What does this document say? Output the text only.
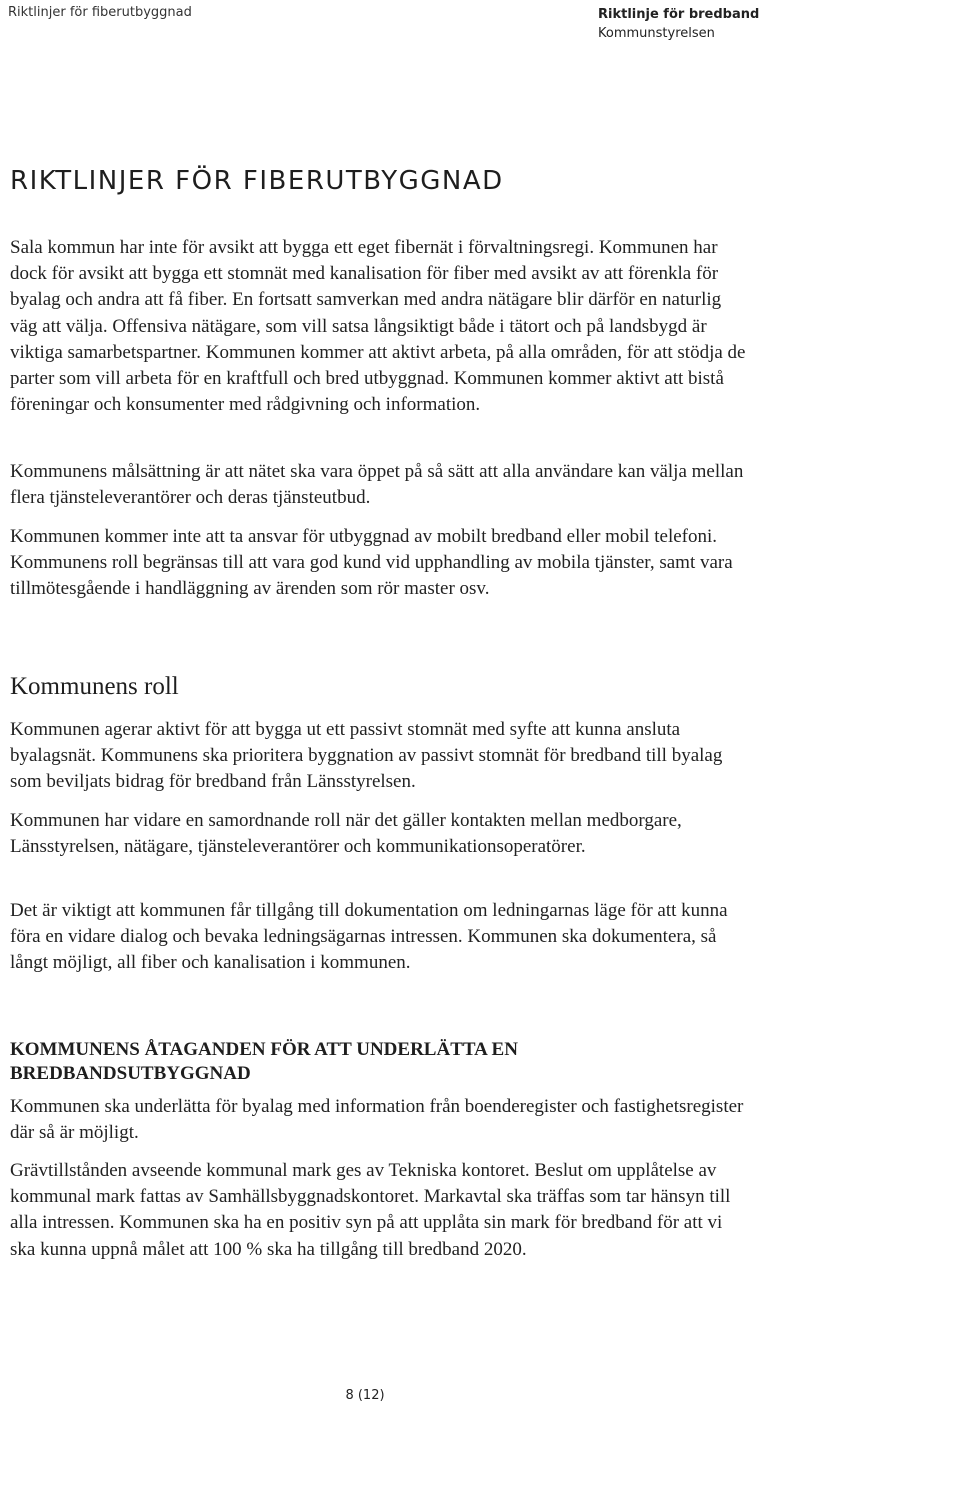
Riktlinjer för fiberutbyggnad	Riktlinje för bredband
Kommunstyrelsen
RIKTLINJER FÖR FIBERUTBYGGNAD

Sala kommun har inte för avsikt att bygga ett eget fibernät i förvaltningsregi. Kommunen har dock för avsikt att bygga ett stomnät med kanalisation för fiber med avsikt av att förenkla för byalag och andra att få fiber. En fortsatt samverkan med andra nätägare blir därför en naturlig väg att välja. Offensiva nätägare, som vill satsa långsiktigt både i tätort och på landsbygd är viktiga samarbetspartner. Kommunen kommer att aktivt arbeta, på alla områden, för att stödja de parter som vill arbeta för en kraftfull och bred utbyggnad. Kommunen kommer aktivt att bistå föreningar och konsumenter med rådgivning och information.

Kommunens målsättning är att nätet ska vara öppet på så sätt att alla användare kan välja mellan flera tjänsteleverantörer och deras tjänsteutbud.

Kommunen kommer inte att ta ansvar för utbyggnad av mobilt bredband eller mobil telefoni. Kommunens roll begränsas till att vara god kund vid upphandling av mobila tjänster, samt vara tillmötesgående i handläggning av ärenden som rör master osv.

Kommunens roll

Kommunen agerar aktivt för att bygga ut ett passivt stomnät med syfte att kunna ansluta byalagsnät. Kommunens ska prioritera byggnation av passivt stomnät för bredband till byalag som beviljats bidrag för bredband från Länsstyrelsen.

Kommunen har vidare en samordnande roll när det gäller kontakten mellan medborgare, Länsstyrelsen, nätägare, tjänsteleverantörer och kommunikationsoperatörer.

Det är viktigt att kommunen får tillgång till dokumentation om ledningarnas läge för att kunna föra en vidare dialog och bevaka ledningsägarnas intressen. Kommunen ska dokumentera, så långt möjligt, all fiber och kanalisation i kommunen.

KOMMUNENS ÅTAGANDEN FÖR ATT UNDERLÄTTA EN BREDBANDSUTBYGGNAD

Kommunen ska underlätta för byalag med information från boenderegister och fastighetsregister där så är möjligt.

Grävtillstånden avseende kommunal mark ges av Tekniska kontoret. Beslut om upplåtelse av kommunal mark fattas av Samhällsbyggnadskontoret. Markavtal ska träffas som tar hänsyn till alla intressen. Kommunen ska ha en positiv syn på att upplåta sin mark för bredband för att vi ska kunna uppnå målet att 100 % ska ha tillgång till bredband 2020.

8 (12)
